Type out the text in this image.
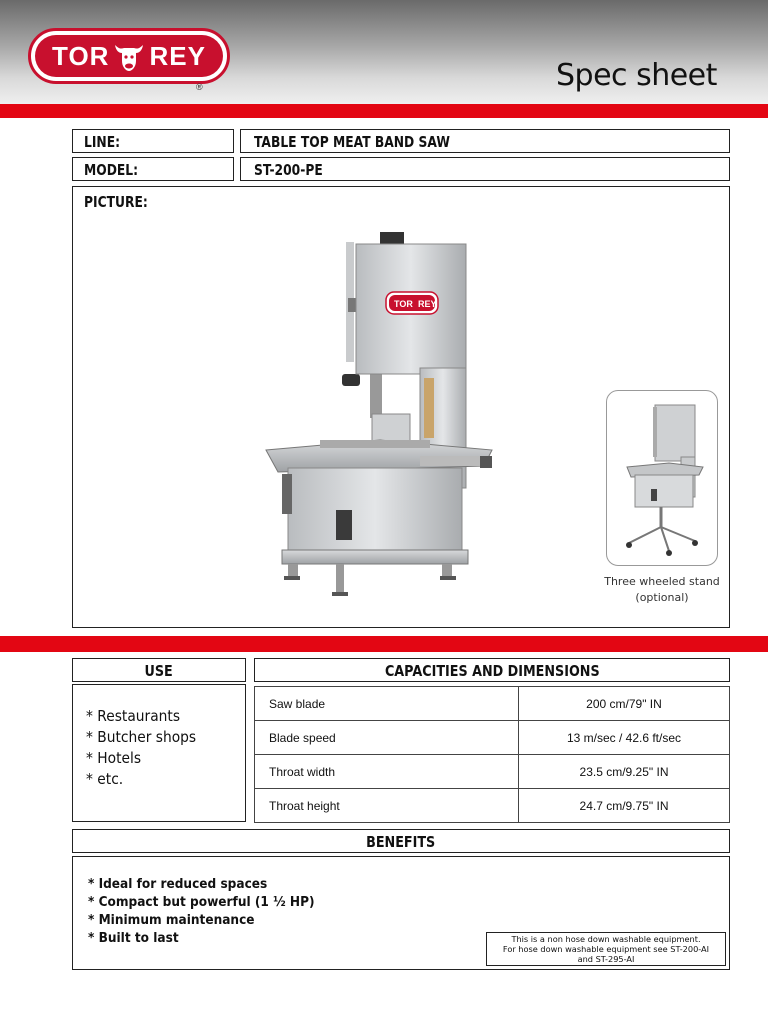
TOR REY
®	Spec sheet
LINE:	TABLE TOP MEAT BAND SAW
MODEL:	ST-200-PE
PICTURE:
TOR REY
Three wheeled stand
(optional)
USE
* Restaurants
* Butcher shops
* Hotels
* etc.
CAPACITIES AND DIMENSIONS
Saw blade	200 cm/79" IN
Blade speed	13 m/sec / 42.6 ft/sec
Throat width	23.5 cm/9.25" IN
Throat height	24.7 cm/9.75" IN
BENEFITS
* Ideal for reduced spaces
* Compact but powerful (1 ½ HP)
* Minimum maintenance
* Built to last	This is a non hose down washable equipment.
For hose down washable equipment see ST-200-AI
and ST-295-AI
